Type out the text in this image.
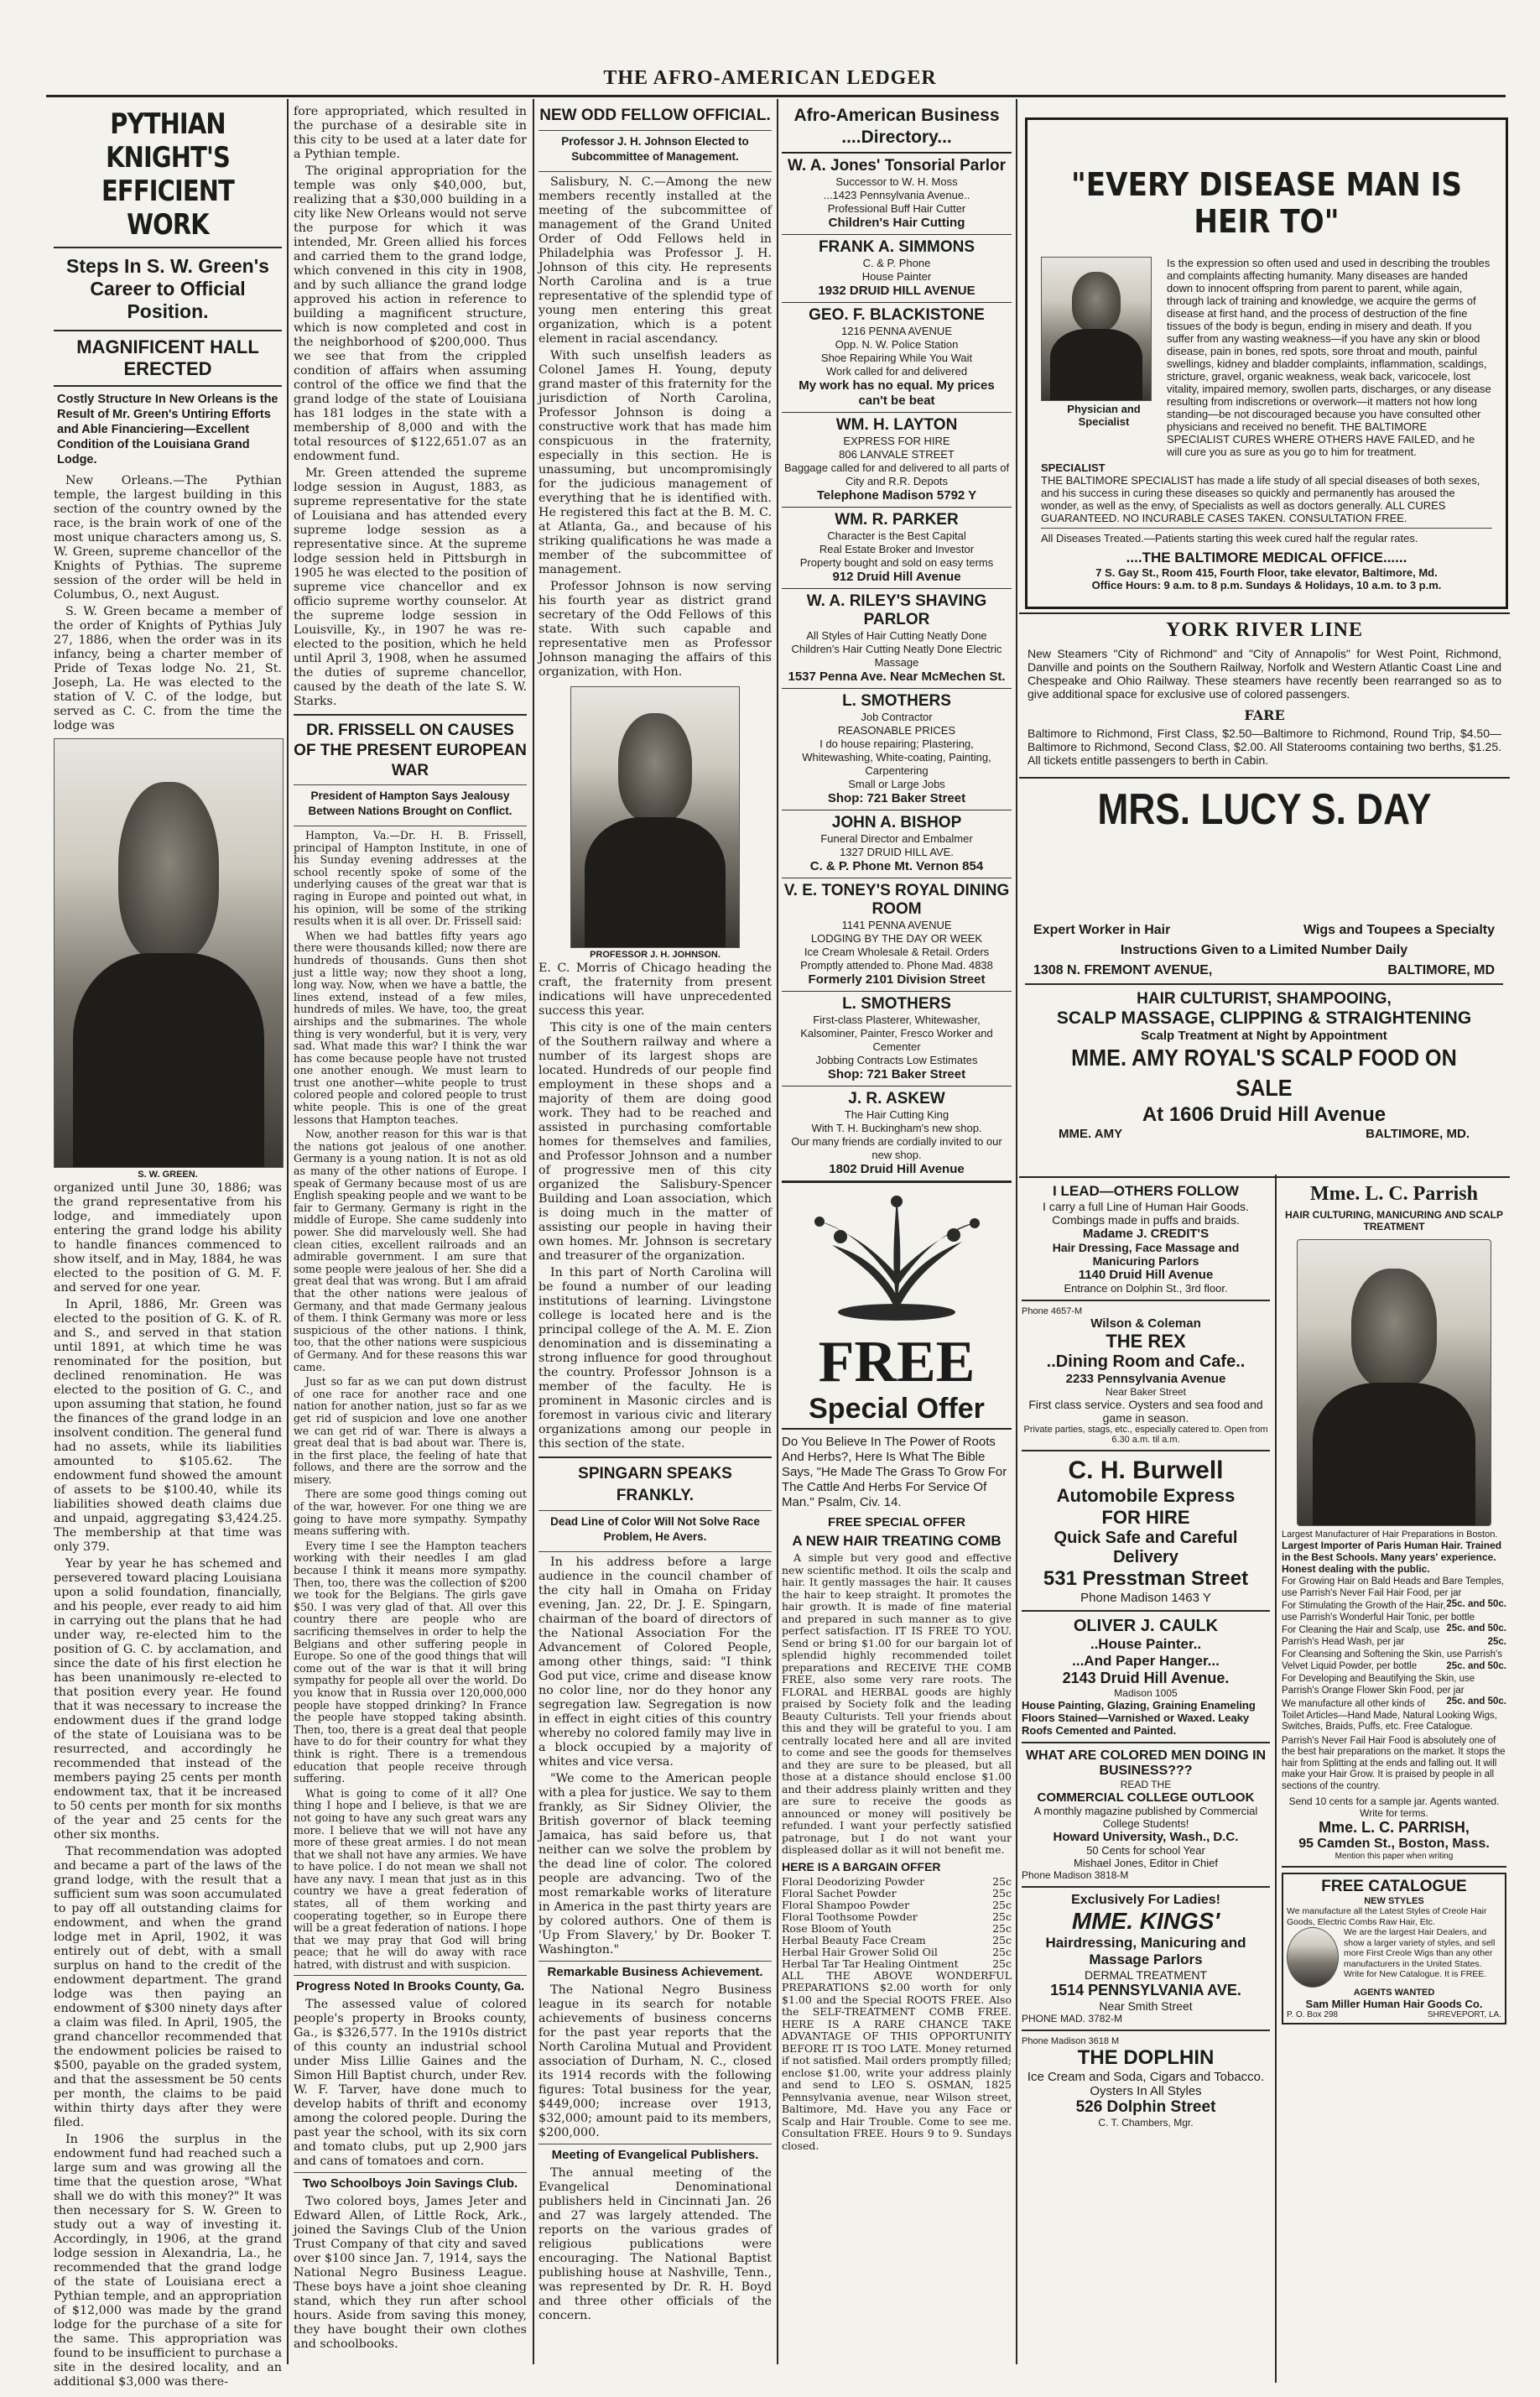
THE AFRO-AMERICAN LEDGER
PYTHIAN KNIGHT'S EFFICIENT WORK
Steps In S. W. Green's Career to Official Position.
MAGNIFICENT HALL ERECTED
Costly Structure In New Orleans is the Result of Mr. Green's Untiring Efforts and Able Financiering—Excellent Condition of the Louisiana Grand Lodge.

New Orleans.—The Pythian temple, the largest building in this section of the country owned by the race, is the brain work of one of the most unique characters among us, S. W. Green, supreme chancellor of the Knights of Pythias. The supreme session of the order will be held in Columbus, O., next August.

S. W. Green became a member of the order of Knights of Pythias July 27, 1886, when the order was in its infancy, being a charter member of Pride of Texas lodge No. 21, St. Joseph, La. He was elected to the station of V. C. of the lodge, but served as C. C. from the time the lodge was

S. W. GREEN.

organized until June 30, 1886; was the grand representative from his lodge, and immediately upon entering the grand lodge his ability to handle finances commenced to show itself, and in May, 1884, he was elected to the position of G. M. F. and served for one year.

In April, 1886, Mr. Green was elected to the position of G. K. of R. and S., and served in that station until 1891, at which time he was renominated for the position, but declined renomination. He was elected to the position of G. C., and upon assuming that station, he found the finances of the grand lodge in an insolvent condition. The general fund had no assets, while its liabilities amounted to $105.62. The endowment fund showed the amount of assets to be $100.40, while its liabilities showed death claims due and unpaid, aggregating $3,424.25. The membership at that time was only 379.

Year by year he has schemed and persevered toward placing Louisiana upon a solid foundation, financially, and his people, ever ready to aid him in carrying out the plans that he had under way, re-elected him to the position of G. C. by acclamation, and since the date of his first election he has been unanimously re-elected to that position every year. He found that it was necessary to increase the endowment dues if the grand lodge of the state of Louisiana was to be resurrected, and accordingly he recommended that instead of the members paying 25 cents per month endowment tax, that it be increased to 50 cents per month for six months of the year and 25 cents for the other six months.

That recommendation was adopted and became a part of the laws of the grand lodge, with the result that a sufficient sum was soon accumulated to pay off all outstanding claims for endowment, and when the grand lodge met in April, 1902, it was entirely out of debt, with a small surplus on hand to the credit of the endowment department. The grand lodge was then paying an endowment of $300 ninety days after a claim was filed. In April, 1905, the grand chancellor recommended that the endowment policies be raised to $500, payable on the graded system, and that the assessment be 50 cents per month, the claims to be paid within thirty days after they were filed.

In 1906 the surplus in the endowment fund had reached such a large sum and was growing all the time that the question arose, "What shall we do with this money?" It was then necessary for S. W. Green to study out a way of investing it. Accordingly, in 1906, at the grand lodge session in Alexandria, La., he recommended that the grand lodge of the state of Louisiana erect a Pythian temple, and an appropriation of $12,000 was made by the grand lodge for the purchase of a site for the same. This appropriation was found to be insufficient to purchase a site in the desired locality, and an additional $3,000 was there-

fore appropriated, which resulted in the purchase of a desirable site in this city to be used at a later date for a Pythian temple.

The original appropriation for the temple was only $40,000, but, realizing that a $30,000 building in a city like New Orleans would not serve the purpose for which it was intended, Mr. Green allied his forces and carried them to the grand lodge, which convened in this city in 1908, and by such alliance the grand lodge approved his action in reference to building a magnificent structure, which is now completed and cost in the neighborhood of $200,000. Thus we see that from the crippled condition of affairs when assuming control of the office we find that the grand lodge of the state of Louisiana has 181 lodges in the state with a membership of 8,000 and with the total resources of $122,651.07 as an endowment fund.

Mr. Green attended the supreme lodge session in August, 1883, as supreme representative for the state of Louisiana and has attended every supreme lodge session as a representative since. At the supreme lodge session held in Pittsburgh in 1905 he was elected to the position of supreme vice chancellor and ex officio supreme worthy counselor. At the supreme lodge session in Louisville, Ky., in 1907 he was re-elected to the position, which he held until April 3, 1908, when he assumed the duties of supreme chancellor, caused by the death of the late S. W. Starks.

DR. FRISSELL ON CAUSES OF THE PRESENT EUROPEAN WAR
President of Hampton Says Jealousy Between Nations Brought on Conflict.

Hampton, Va.—Dr. H. B. Frissell, principal of Hampton Institute, in one of his Sunday evening addresses at the school recently spoke of some of the underlying causes of the great war that is raging in Europe and pointed out what, in his opinion, will be some of the striking results when it is all over. Dr. Frissell said:

When we had battles fifty years ago there were thousands killed; now there are hundreds of thousands. Guns then shot just a little way; now they shoot a long, long way. Now, when we have a battle, the lines extend, instead of a few miles, hundreds of miles. We have, too, the great airships and the submarines. The whole thing is very wonderful, but it is very, very sad. What made this war? I think the war has come because people have not trusted one another enough. We must learn to trust one another—white people to trust colored people and colored people to trust white people. This is one of the great lessons that Hampton teaches.

Now, another reason for this war is that the nations got jealous of one another. Germany is a young nation. It is not as old as many of the other nations of Europe. I speak of Germany because most of us are English speaking people and we want to be fair to Germany. Germany is right in the middle of Europe. She came suddenly into power. She did marvelously well. She had clean cities, excellent railroads and an admirable government. I am sure that some people were jealous of her. She did a great deal that was wrong. But I am afraid that the other nations were jealous of Germany, and that made Germany jealous of them. I think Germany was more or less suspicious of the other nations. I think, too, that the other nations were suspicious of Germany. And for these reasons this war came.

Just so far as we can put down distrust of one race for another race and one nation for another nation, just so far as we get rid of suspicion and love one another we can get rid of war. There is always a great deal that is bad about war. There is, in the first place, the feeling of hate that follows, and there are the sorrow and the misery.

There are some good things coming out of the war, however. For one thing we are going to have more sympathy. Sympathy means suffering with.

Every time I see the Hampton teachers working with their needles I am glad because I think it means more sympathy. Then, too, there was the collection of $200 we took for the Belgians. The girls gave $50. I was very glad of that. All over this country there are people who are sacrificing themselves in order to help the Belgians and other suffering people in Europe. So one of the good things that will come out of the war is that it will bring sympathy for people all over the world. Do you know that in Russia over 120,000,000 people have stopped drinking? In France the people have stopped taking absinth. Then, too, there is a great deal that people have to do for their country for what they think is right. There is a tremendous education that people receive through suffering.

What is going to come of it all? One thing I hope and I believe, is that we are not going to have any such great wars any more. I believe that we will not have any more of these great armies. I do not mean that we shall not have any armies. We have to have police. I do not mean we shall not have any navy. I mean that just as in this country we have a great federation of states, all of them working and cooperating together, so in Europe there will be a great federation of nations. I hope that we may pray that God will bring peace; that he will do away with race hatred, with distrust and with suspicion.

Progress Noted In Brooks County, Ga.

The assessed value of colored people's property in Brooks county, Ga., is $326,577. In the 1910s district of this county an industrial school under Miss Lillie Gaines and the Simon Hill Baptist church, under Rev. W. F. Tarver, have done much to develop habits of thrift and economy among the colored people. During the past year the school, with its six corn and tomato clubs, put up 2,900 jars and cans of tomatoes and corn.

Two Schoolboys Join Savings Club.

Two colored boys, James Jeter and Edward Allen, of Little Rock, Ark., joined the Savings Club of the Union Trust Company of that city and saved over $100 since Jan. 7, 1914, says the National Negro Business League. These boys have a joint shoe cleaning stand, which they run after school hours. Aside from saving this money, they have bought their own clothes and schoolbooks.

NEW ODD FELLOW OFFICIAL.
Professor J. H. Johnson Elected to Subcommittee of Management.

Salisbury, N. C.—Among the new members recently installed at the meeting of the subcommittee of management of the Grand United Order of Odd Fellows held in Philadelphia was Professor J. H. Johnson of this city. He represents North Carolina and is a true representative of the splendid type of young men entering this great organization, which is a potent element in racial ascendancy.

With such unselfish leaders as Colonel James H. Young, deputy grand master of this fraternity for the jurisdiction of North Carolina, Professor Johnson is doing a constructive work that has made him conspicuous in the fraternity, especially in this section. He is unassuming, but uncompromisingly for the judicious management of everything that he is identified with. He registered this fact at the B. M. C. at Atlanta, Ga., and because of his striking qualifications he was made a member of the subcommittee of management.

Professor Johnson is now serving his fourth year as district grand secretary of the Odd Fellows of this state. With such capable and representative men as Professor Johnson managing the affairs of this organization, with Hon.

PROFESSOR J. H. JOHNSON.

E. C. Morris of Chicago heading the craft, the fraternity from present indications will have unprecedented success this year.

This city is one of the main centers of the Southern railway and where a number of its largest shops are located. Hundreds of our people find employment in these shops and a majority of them are doing good work. They had to be reached and assisted in purchasing comfortable homes for themselves and families, and Professor Johnson and a number of progressive men of this city organized the Salisbury-Spencer Building and Loan association, which is doing much in the matter of assisting our people in having their own homes. Mr. Johnson is secretary and treasurer of the organization.

In this part of North Carolina will be found a number of our leading institutions of learning. Livingstone college is located here and is the principal college of the A. M. E. Zion denomination and is disseminating a strong influence for good throughout the country. Professor Johnson is a member of the faculty. He is prominent in Masonic circles and is foremost in various civic and literary organizations among our people in this section of the state.

SPINGARN SPEAKS FRANKLY.
Dead Line of Color Will Not Solve Race Problem, He Avers.

In his address before a large audience in the council chamber of the city hall in Omaha on Friday evening, Jan. 22, Dr. J. E. Spingarn, chairman of the board of directors of the National Association For the Advancement of Colored People, among other things, said: "I think God put vice, crime and disease know no color line, nor do they honor any segregation law. Segregation is now in effect in eight cities of this country whereby no colored family may live in a block occupied by a majority of whites and vice versa.

"We come to the American people with a plea for justice. We say to them frankly, as Sir Sidney Olivier, the British governor of black teeming Jamaica, has said before us, that neither can we solve the problem by the dead line of color. The colored people are advancing. Two of the most remarkable works of literature in America in the past thirty years are by colored authors. One of them is 'Up From Slavery,' by Dr. Booker T. Washington."

Remarkable Business Achievement.

The National Negro Business league in its search for notable achievements of business concerns for the past year reports that the North Carolina Mutual and Provident association of Durham, N. C., closed its 1914 records with the following figures: Total business for the year, $449,000; increase over 1913, $32,000; amount paid to its members, $200,000.

Meeting of Evangelical Publishers.

The annual meeting of the Evangelical Denominational publishers held in Cincinnati Jan. 26 and 27 was largely attended. The reports on the various grades of religious publications were encouraging. The National Baptist publishing house at Nashville, Tenn., was represented by Dr. R. H. Boyd and three other officials of the concern.

Afro-American Business ....Directory...
W. A. Jones' Tonsorial Parlor
Successor to W. H. Moss
...1423 Pennsylvania Avenue..
Professional Buff Hair Cutter
Children's Hair Cutting
FRANK A. SIMMONS
C. & P. Phone
House Painter
1932 DRUID HILL AVENUE
GEO. F. BLACKISTONE
1216 PENNA AVENUE
Opp. N. W. Police Station
Shoe Repairing While You Wait
Work called for and delivered
My work has no equal. My prices can't be beat
WM. H. LAYTON
EXPRESS FOR HIRE
806 LANVALE STREET
Baggage called for and delivered to all parts of City and R.R. Depots
Telephone Madison 5792 Y
WM. R. PARKER
Character is the Best Capital
Real Estate Broker and Investor
Property bought and sold on easy terms
912 Druid Hill Avenue
W. A. RILEY'S SHAVING PARLOR
All Styles of Hair Cutting Neatly Done
Children's Hair Cutting Neatly Done Electric Massage
1537 Penna Ave. Near McMechen St.
L. SMOTHERS
Job Contractor
REASONABLE PRICES
I do house repairing; Plastering, Whitewashing, White-coating, Painting, Carpentering
Small or Large Jobs
Shop: 721 Baker Street
JOHN A. BISHOP
Funeral Director and Embalmer
1327 DRUID HILL AVE.
C. & P. Phone Mt. Vernon 854
V. E. TONEY'S ROYAL DINING ROOM
1141 PENNA AVENUE
LODGING BY THE DAY OR WEEK
Ice Cream Wholesale & Retail. Orders Promptly attended to. Phone Mad. 4838
Formerly 2101 Division Street
L. SMOTHERS
First-class Plasterer, Whitewasher, Kalsominer, Painter, Fresco Worker and Cementer
Jobbing Contracts Low Estimates
Shop: 721 Baker Street
J. R. ASKEW
The Hair Cutting King
With T. H. Buckingham's new shop.
Our many friends are cordially invited to our new shop.
1802 Druid Hill Avenue
FREE
Special Offer
Do You Believe In The Power of Roots And Herbs?, Here Is What The Bible Says, "He Made The Grass To Grow For The Cattle And Herbs For Service Of Man." Psalm, Civ. 14.
FREE SPECIAL OFFER
A NEW HAIR TREATING COMB

A simple but very good and effective new scientific method. It oils the scalp and hair. It gently massages the hair. It causes the hair to keep straight. It promotes the hair growth. It is made of fine material and prepared in such manner as to give perfect satisfaction. IT IS FREE TO YOU. Send or bring $1.00 for our bargain lot of splendid highly recommended toilet preparations and RECEIVE THE COMB FREE, also some very rare roots. The FLORAL and HERBAL goods are highly praised by Society folk and the leading Beauty Culturists. Tell your friends about this and they will be grateful to you. I am centrally located here and all are invited to come and see the goods for themselves and they are sure to be pleased, but all those at a distance should enclose $1.00 and their address plainly written and they are sure to receive the goods as announced or money will positively be refunded. I want your perfectly satisfied patronage, but I do not want your displeased dollar as it will not benefit me.

HERE IS A BARGAIN OFFER
Floral Deodorizing Powder	25c
Floral Sachet Powder	25c
Floral Shampoo Powder	25c
Floral Toothsome Powder	25c
Rose Bloom of Youth	25c
Herbal Beauty Face Cream	25c
Herbal Hair Grower Solid Oil	25c
Herbal Tar Tar Healing Ointment	25c

ALL THE ABOVE WONDERFUL PREPARATIONS $2.00 worth for only $1.00 and the Special ROOTS FREE. Also the SELF-TREATMENT COMB FREE. HERE IS A RARE CHANCE TAKE ADVANTAGE OF THIS OPPORTUNITY BEFORE IT IS TOO LATE. Money returned if not satisfied. Mail orders promptly filled; enclose $1.00, write your address plainly and send to LEO S. OSMAN, 1825 Pennsylvania avenue, near Wilson street, Baltimore, Md. Have you any Face or Scalp and Hair Trouble. Come to see me. Consultation FREE. Hours 9 to 9. Sundays closed.

"EVERY DISEASE MAN IS HEIR TO"
Physician and Specialist
Is the expression so often used and used in describing the troubles and complaints affecting humanity. Many diseases are handed down to innocent offspring from parent to parent, while again, through lack of training and knowledge, we acquire the germs of disease at first hand, and the process of destruction of the fine tissues of the body is begun, ending in misery and death. If you suffer from any wasting weakness—if you have any skin or blood disease, pain in bones, red spots, sore throat and mouth, painful swellings, kidney and bladder complaints, inflammation, scaldings, stricture, gravel, organic weakness, weak back, varicocele, lost vitality, impaired memory, swollen parts, discharges, or any disease resulting from indiscretions or overwork—it matters not how long standing—be not discouraged because you have consulted other physicians and received no benefit. THE BALTIMORE SPECIALIST CURES WHERE OTHERS HAVE FAILED, and he will cure you as sure as you go to him for treatment.
SPECIALIST
THE BALTIMORE SPECIALIST has made a life study of all special diseases of both sexes, and his success in curing these diseases so quickly and permanently has aroused the wonder, as well as the envy, of Specialists as well as doctors generally. ALL CURES GUARANTEED. NO INCURABLE CASES TAKEN. CONSULTATION FREE.
All Diseases Treated.—Patients starting this week cured half the regular rates.
....THE BALTIMORE MEDICAL OFFICE......
7 S. Gay St., Room 415, Fourth Floor, take elevator, Baltimore, Md.
Office Hours: 9 a.m. to 8 p.m. Sundays & Holidays, 10 a.m. to 3 p.m.
YORK RIVER LINE
New Steamers "City of Richmond" and "City of Annapolis" for West Point, Richmond, Danville and points on the Southern Railway, Norfolk and Western Atlantic Coast Line and Chespeake and Ohio Railway. These steamers have recently been rearranged so as to give additional space for exclusive use of colored passengers.
FARE
Baltimore to Richmond, First Class, $2.50—Baltimore to Richmond, Round Trip, $4.50—Baltimore to Richmond, Second Class, $2.00. All Staterooms containing two berths, $1.25. All tickets entitle passengers to berth in Cabin.
MRS. LUCY S. DAY
Expert Worker in Hair	Wigs and Toupees a Specialty
Instructions Given to a Limited Number Daily
1308 N. FREMONT AVENUE,	BALTIMORE, MD
HAIR CULTURIST, SHAMPOOING,
SCALP MASSAGE, CLIPPING & STRAIGHTENING
Scalp Treatment at Night by Appointment
MME. AMY ROYAL'S SCALP FOOD ON SALE
At 1606 Druid Hill Avenue
MME. AMY	BALTIMORE, MD.
I LEAD—OTHERS FOLLOW
I carry a full Line of Human Hair Goods. Combings made in puffs and braids.
Madame J. CREDIT'S
Hair Dressing, Face Massage and Manicuring Parlors
1140 Druid Hill Avenue
Entrance on Dolphin St., 3rd floor.
Phone 4657-M
Wilson & Coleman
THE REX
..Dining Room and Cafe..
2233 Pennsylvania Avenue
Near Baker Street
First class service. Oysters and sea food and game in season.
Private parties, stags, etc., especially catered to. Open from 6.30 a.m. til a.m.
C. H. Burwell
Automobile Express
FOR HIRE
Quick Safe and Careful Delivery
531 Presstman Street
Phone Madison 1463 Y
OLIVER J. CAULK
..House Painter..
...And Paper Hanger...
2143 Druid Hill Avenue.
Madison 1005
House Painting, Glazing, Graining Enameling Floors Stained—Varnished or Waxed. Leaky Roofs Cemented and Painted.
WHAT ARE COLORED MEN DOING IN BUSINESS???
READ THE
COMMERCIAL COLLEGE OUTLOOK
A monthly magazine published by Commercial College Students!
Howard University, Wash., D.C.
50 Cents for school Year
Mishael Jones, Editor in Chief
Phone Madison 3818-M
Exclusively For Ladies!
MME. KINGS'
Hairdressing, Manicuring and Massage Parlors
DERMAL TREATMENT
1514 PENNSYLVANIA AVE.
Near Smith Street
PHONE MAD. 3782-M
Phone Madison 3618 M
THE DOPLHIN
Ice Cream and Soda, Cigars and Tobacco.
Oysters In All Styles
526 Dolphin Street
C. T. Chambers, Mgr.
Mme. L. C. Parrish
HAIR CULTURING, MANICURING AND SCALP TREATMENT
Largest Manufacturer of Hair Preparations in Boston.
Largest Importer of Paris Human Hair. Trained in the Best Schools. Many years' experience. Honest dealing with the public.
For Growing Hair on Bald Heads and Bare Temples, use Parrish's Never Fail Hair Food, per jar
25c. and 50c.
For Stimulating the Growth of the Hair, use Parrish's Wonderful Hair Tonic, per bottle
25c. and 50c.
For Cleaning the Hair and Scalp, use Parrish's Head Wash, per jar	25c.
For Cleansing and Softening the Skin, use Parrish's Velvet Liquid Powder, per bottle	25c. and 50c.
For Developing and Beautifying the Skin, use Parrish's Orange Flower Skin Food, per jar
25c. and 50c.
We manufacture all other kinds of Toilet Articles—Hand Made, Natural Looking Wigs, Switches, Braids, Puffs, etc. Free Catalogue.
Parrish's Never Fail Hair Food is absolutely one of the best hair preparations on the market. It stops the hair from Splitting at the ends and falling out. It will make your Hair Grow. It is praised by people in all sections of the country.
Send 10 cents for a sample jar. Agents wanted. Write for terms.
Mme. L. C. PARRISH,
95 Camden St., Boston, Mass.
Mention this paper when writing
FREE CATALOGUE
NEW STYLES
We manufacture all the Latest Styles of Creole Hair Goods, Electric Combs Raw Hair, Etc.
We are the largest Hair Dealers, and show a larger variety of styles, and sell more First Creole Wigs than any other manufacturers in the United States. Write for New Catalogue. It is FREE.
AGENTS WANTED
Sam Miller Human Hair Goods Co.
P. O. Box 298	SHREVEPORT, LA.
